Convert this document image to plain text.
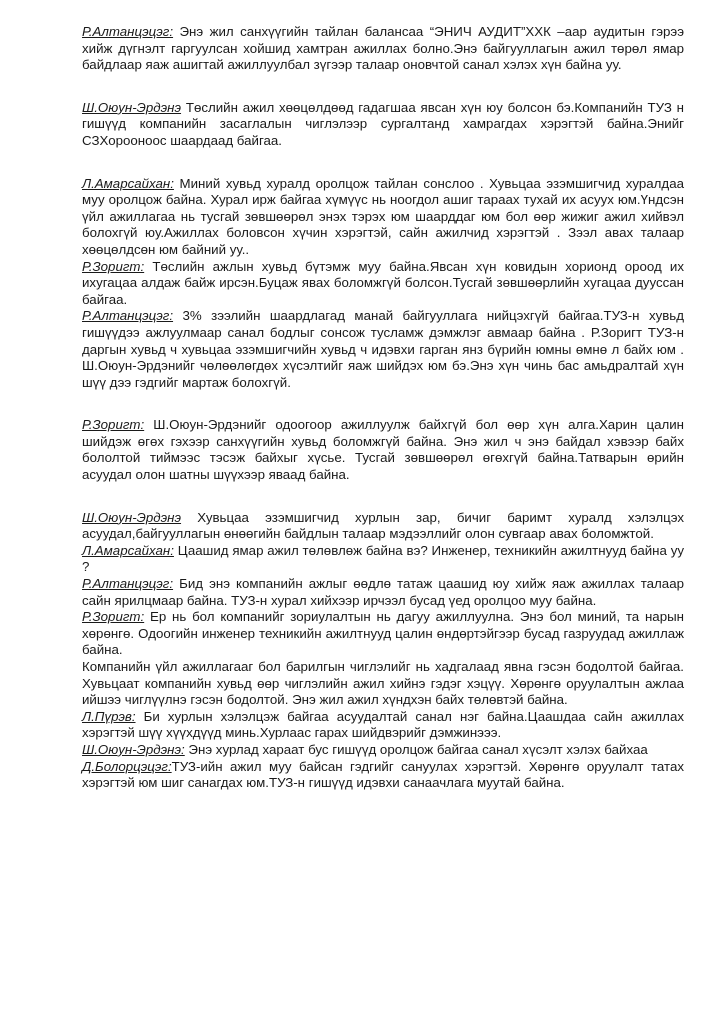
Р.Алтанцэцэг: Энэ жил санхүүгийн тайлан балансаа “ЭНИЧ АУДИТ”ХХК –аар аудитын гэрээ хийж дүгнэлт гаргуулсан хойшид хамтран ажиллах болно.Энэ байгууллагын ажил төрөл ямар байдлаар яаж ашигтай ажиллуулбал зүгээр талаар оновчтой санал хэлэх хүн байна уу.

Ш.Оюун-Эрдэнэ Төслийн ажил хөөцөлдөөд гадагшаа явсан хүн юу болсон бэ.Компанийн ТУЗ н гишүүд компанийн засаглалын чиглэлээр сургалтанд хамрагдах хэрэгтэй байна.Энийг СЗХорооноос шаардаад байгаа.

Л.Амарсайхан: Миний хувьд хуралд оролцож тайлан сонслоо . Хувьцаа эзэмшигчид хуралдаа муу оролцож байна. Хурал ирж байгаа хүмүүс нь ноогдол ашиг тараах тухай их асуух юм.Үндсэн үйл ажиллагаа нь тусгай зөвшөөрөл энэх тэрэх юм шаарддаг юм бол өөр жижиг ажил хийвэл болохгүй юу.Ажиллах боловсон хүчин хэрэгтэй, сайн ажилчид хэрэгтэй . Зээл авах талаар хөөцөлдсөн юм байний уу..

Р.Зоригт: Төслийн ажлын хувьд бүтэмж муу байна.Явсан хүн ковидын хорионд ороод их ихугацаа алдаж байж ирсэн.Буцаж явах боломжгүй болсон.Тусгай зөвшөөрлийн хугацаа дууссан байгаа.

Р.Алтанцэцэг: 3% зээлийн шаардлагад манай байгууллага нийцэхгүй байгаа.ТУЗ-н хувьд гишүүдээ ажлуулмаар санал бодлыг сонсож тусламж дэмжлэг авмаар байна . Р.Зоригт ТУЗ-н даргын хувьд ч хувьцаа эзэмшигчийн хувьд ч идэвхи гарган янз бүрийн юмны өмнө л байх юм . Ш.Оюун-Эрдэнийг чөлөөлөгдөх хүсэлтийг яаж шийдэх юм бэ.Энэ хүн чинь бас амьдралтай хүн шүү дээ гэдгийг мартаж болохгүй.

Р.Зоригт: Ш.Оюун-Эрдэнийг одоогоор ажиллуулж байхгүй бол өөр хүн алга.Харин цалин шийдэж өгөх гэхээр санхүүгийн хувьд боломжгүй байна. Энэ жил ч энэ байдал хэвээр байх бололтой тиймээс тэсэж байхыг хүсье. Тусгай зөвшөөрөл өгөхгүй байна.Татварын өрийн асуудал олон шатны шүүхээр яваад байна.

Ш.Оюун-Эрдэнэ Хувьцаа эзэмшигчид хурлын зар, бичиг баримт хуралд хэлэлцэх асуудал,байгууллагын өнөөгийн байдлын талаар мэдээллийг олон сувгаар авах боломжтой.

Л.Амарсайхан: Цаашид ямар ажил төлөвлөж байна вэ? Инженер, техникийн ажилтнууд байна уу ?

Р.Алтанцэцэг: Бид энэ компанийн ажлыг өөдлө татаж цаашид юу хийж яаж ажиллах талаар сайн ярилцмаар байна. ТУЗ-н хурал хийхээр ирчээл бусад үед оролцоо муу байна.

Р.Зоригт: Ер нь бол компанийг зориулалтын нь дагуу ажиллуулна. Энэ бол миний, та нарын хөрөнгө. Одоогийн инженер техникийн ажилтнууд цалин өндөртэйгээр бусад газруудад ажиллаж байна.

Компанийн үйл ажиллагааг бол барилгын чиглэлийг нь хадгалаад явна гэсэн бодолтой байгаа. Хувьцаат компанийн хувьд өөр чиглэлийн ажил хийнэ гэдэг хэцүү. Хөрөнгө оруулалтын ажлаа ийшээ чиглүүлнэ гэсэн бодолтой. Энэ жил ажил хүндхэн байх төлөвтэй байна.

Л.Пүрэв: Би хурлын хэлэлцэж байгаа асуудалтай санал нэг байна.Цаашдаа сайн ажиллах хэрэгтэй шүү хүүхдүүд минь.Хурлаас гарах шийдвэрийг дэмжинэээ.

Ш.Оюун-Эрдэнэ: Энэ хурлад хараат бус гишүүд оролцож байгаа санал хүсэлт хэлэх байхаа

Д.Болорцэцэг:ТУЗ-ийн ажил муу байсан гэдгийг сануулах хэрэгтэй. Хөрөнгө оруулалт татах хэрэгтэй юм шиг санагдах юм.ТУЗ-н гишүүд идэвхи санаачлага муутай байна.
